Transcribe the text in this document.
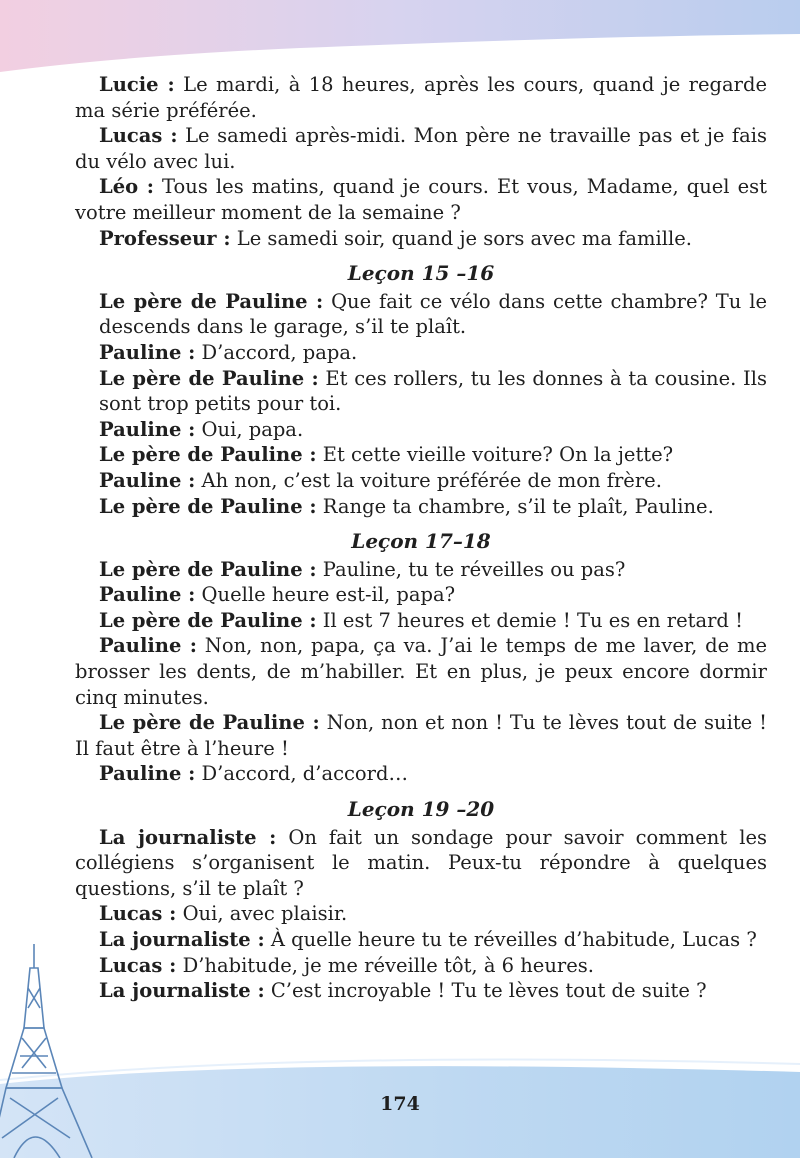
Lucie : Le mardi, à 18 heures, après les cours, quand je regarde ma série préférée.

Lucas : Le samedi après-midi. Mon père ne travaille pas et je fais du vélo avec lui.

Léo : Tous les matins, quand je cours. Et vous, Madame, quel est votre meilleur moment de la semaine ?

Professeur : Le samedi soir, quand je sors avec ma famille.

Leçon 15 –16

Le père de Pauline : Que fait ce vélo dans cette chambre? Tu le descends dans le garage, s’il te plaît.

Pauline : D’accord, papa.

Le père de Pauline : Et ces rollers, tu les donnes à ta cousine. Ils sont trop petits pour toi.

Pauline : Oui, papa.

Le père de Pauline : Et cette vieille voiture? On la jette?

Pauline : Ah non, c’est la voiture préférée de mon frère.

Le père de Pauline : Range ta chambre, s’il te plaît, Pauline.

Leçon 17–18

Le père de Pauline : Pauline, tu te réveilles ou pas?

Pauline : Quelle heure est-il, papa?

Le père de Pauline : Il est 7 heures et demie ! Tu es en retard !

Pauline : Non, non, papa, ça va. J’ai le temps de me laver, de me brosser les dents, de m’habiller. Et en plus, je peux encore dormir cinq minutes.

Le père de Pauline : Non, non et non ! Tu te lèves tout de suite ! Il faut être à l’heure !

Pauline : D’accord, d’accord…

Leçon 19 –20

La journaliste : On fait un sondage pour savoir comment les collégiens s’organisent le matin. Peux-tu répondre à quelques questions, s’il te plaît ?

Lucas : Oui, avec plaisir.

La journaliste : À quelle heure tu te réveilles d’habitude, Lucas ?

Lucas : D’habitude, je me réveille tôt, à 6 heures.

La journaliste : C’est incroyable ! Tu te lèves tout de suite ?

174
